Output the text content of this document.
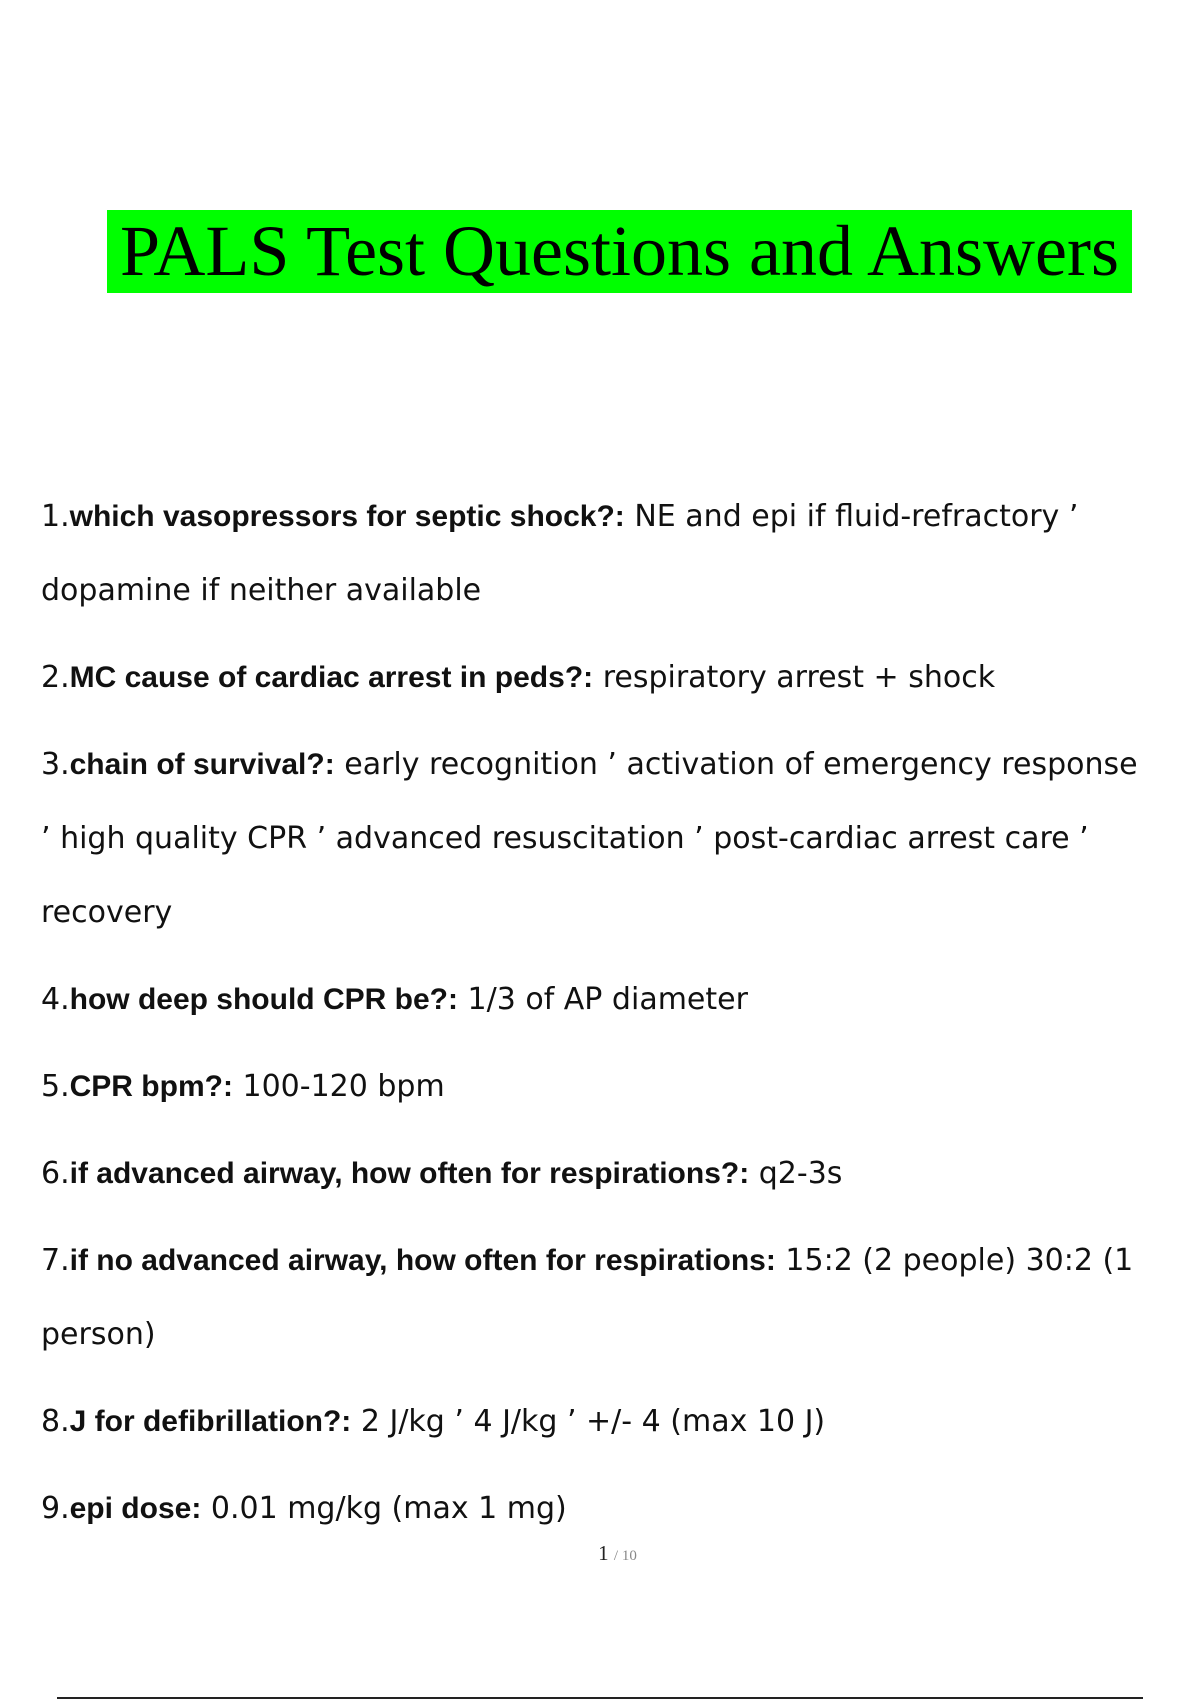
PALS Test Questions and Answers
1.which vasopressors for septic shock?: NE and epi if fluid-refractory ’ dopamine if neither available
2.MC cause of cardiac arrest in peds?: respiratory arrest + shock
3.chain of survival?: early recognition ’ activation of emergency response ’ high quality CPR ’ advanced resuscitation ’ post-cardiac arrest care ’ recovery
4.how deep should CPR be?: 1/3 of AP diameter
5.CPR bpm?: 100-120 bpm
6.if advanced airway, how often for respirations?: q2-3s
7.if no advanced airway, how often for respirations: 15:2 (2 people) 30:2 (1 person)
8.J for defibrillation?: 2 J/kg ’ 4 J/kg ’ +/- 4 (max 10 J)
9.epi dose: 0.01 mg/kg (max 1 mg)
1 / 10
